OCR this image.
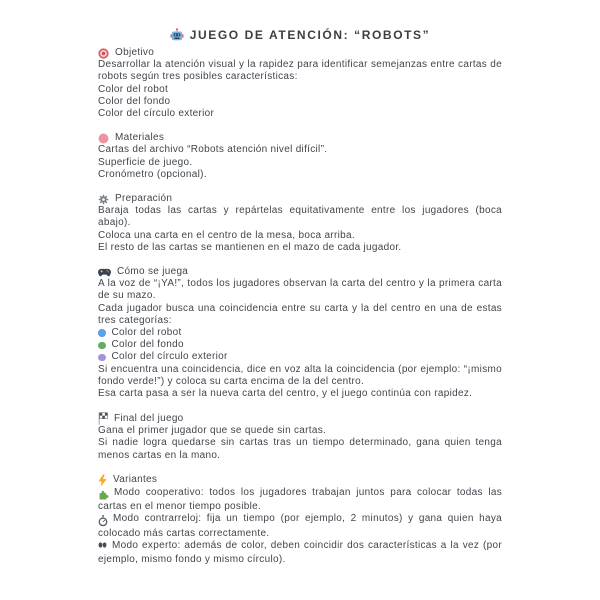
JUEGO DE ATENCIÓN: “ROBOTS”
Objetivo

Desarrollar la atención visual y la rapidez para identificar semejanzas entre cartas de robots según tres posibles características:

Color del robot

Color del fondo

Color del círculo exterior

Materiales

Cartas del archivo “Robots atención nivel difícil”.

Superficie de juego.

Cronómetro (opcional).

Preparación

Baraja todas las cartas y repártelas equitativamente entre los jugadores (boca abajo).

Coloca una carta en el centro de la mesa, boca arriba.

El resto de las cartas se mantienen en el mazo de cada jugador.

Cómo se juega

A la voz de “¡YA!”, todos los jugadores observan la carta del centro y la primera carta de su mazo.

Cada jugador busca una coincidencia entre su carta y la del centro en una de estas tres categorías:

Color del robot
Color del fondo
Color del círculo exterior

Si encuentra una coincidencia, dice en voz alta la coincidencia (por ejemplo: “¡mismo fondo verde!”) y coloca su carta encima de la del centro.

Esa carta pasa a ser la nueva carta del centro, y el juego continúa con rapidez.

Final del juego

Gana el primer jugador que se quede sin cartas.

Si nadie logra quedarse sin cartas tras un tiempo determinado, gana quien tenga menos cartas en la mano.

Variantes

Modo cooperativo: todos los jugadores trabajan juntos para colocar todas las cartas en el menor tiempo posible.

Modo contrarreloj: fija un tiempo (por ejemplo, 2 minutos) y gana quien haya colocado más cartas correctamente.

Modo experto: además de color, deben coincidir dos características a la vez (por ejemplo, mismo fondo y mismo círculo).
